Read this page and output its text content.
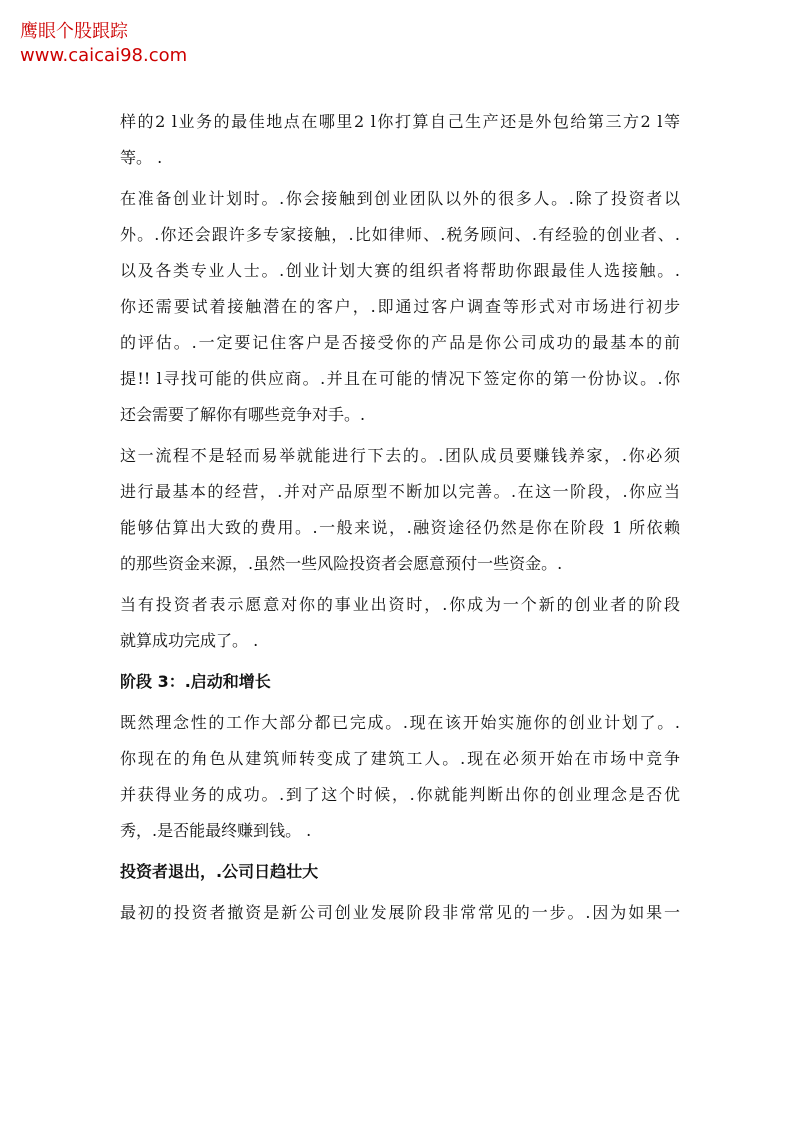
鹰眼个股跟踪
www.caicai98.com
样的2 l业务的最佳地点在哪里2 l你打算自己生产还是外包给第三方2 l等
等。 .
在准备创业计划时。.你会接触到创业团队以外的很多人。.除了投资者以
外。.你还会跟许多专家接触，.比如律师、.税务顾问、.有经验的创业者、.
以及各类专业人士。.创业计划大赛的组织者将帮助你跟最佳人选接触。.
你还需要试着接触潜在的客户，.即通过客户调查等形式对市场进行初步
的评估。.一定要记住客户是否接受你的产品是你公司成功的最基本的前
提!! l寻找可能的供应商。.并且在可能的情况下签定你的第一份协议。.你
还会需要了解你有哪些竞争对手。.
这一流程不是轻而易举就能进行下去的。.团队成员要赚钱养家，.你必须
进行最基本的经营，.并对产品原型不断加以完善。.在这一阶段，.你应当
能够估算出大致的费用。.一般来说，.融资途径仍然是你在阶段 1 所依赖
的那些资金来源，.虽然一些风险投资者会愿意预付一些资金。.
当有投资者表示愿意对你的事业出资时，.你成为一个新的创业者的阶段
就算成功完成了。 .
阶段 3：.启动和增长
既然理念性的工作大部分都已完成。.现在该开始实施你的创业计划了。.
你现在的角色从建筑师转变成了建筑工人。.现在必须开始在市场中竞争
并获得业务的成功。.到了这个时候，.你就能判断出你的创业理念是否优
秀，.是否能最终赚到钱。 .
投资者退出，.公司日趋壮大
最初的投资者撤资是新公司创业发展阶段非常常见的一步。.因为如果一
